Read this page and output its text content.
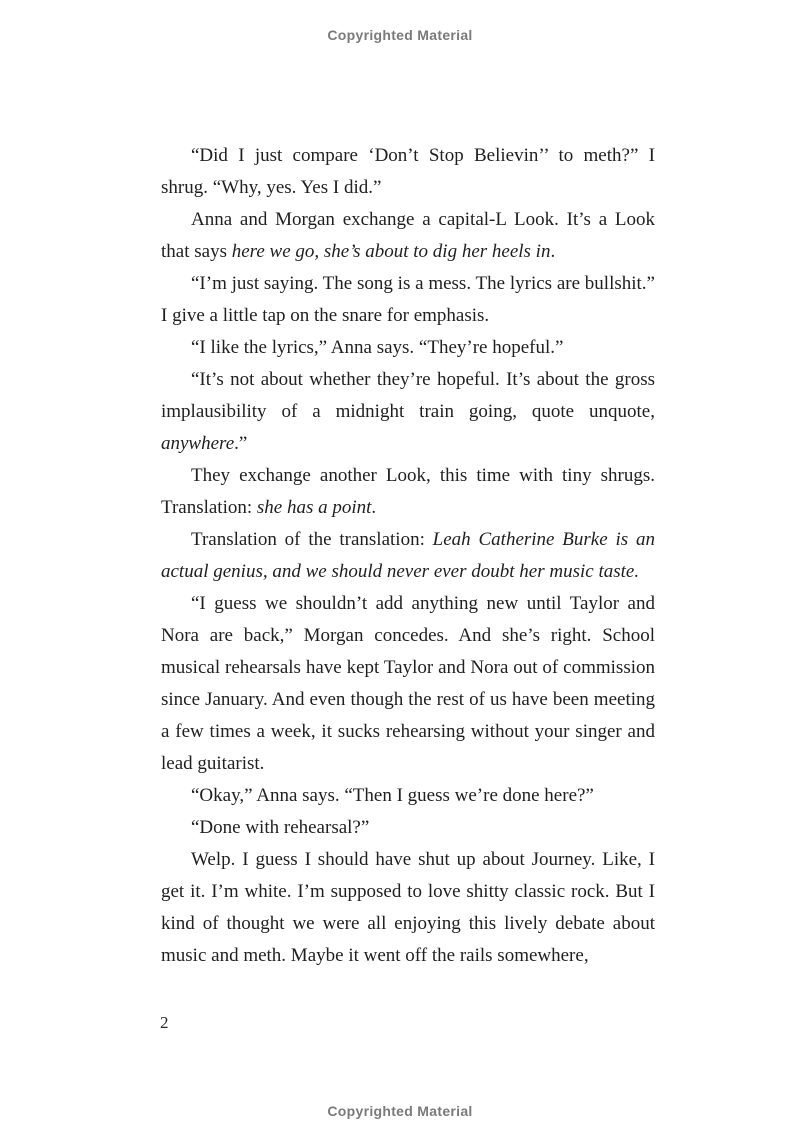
Copyrighted Material

“Did I just compare ‘Don’t Stop Believin’’ to meth?” I shrug. “Why, yes. Yes I did.”

Anna and Morgan exchange a capital-L Look. It’s a Look that says here we go, she’s about to dig her heels in.

“I’m just saying. The song is a mess. The lyrics are bullshit.” I give a little tap on the snare for emphasis.

“I like the lyrics,” Anna says. “They’re hopeful.”

“It’s not about whether they’re hopeful. It’s about the gross implausibility of a midnight train going, quote unquote, anywhere.”

They exchange another Look, this time with tiny shrugs. Translation: she has a point.

Translation of the translation: Leah Catherine Burke is an actual genius, and we should never ever doubt her music taste.

“I guess we shouldn’t add anything new until Taylor and Nora are back,” Morgan concedes. And she’s right. School musical rehearsals have kept Taylor and Nora out of commission since January. And even though the rest of us have been meeting a few times a week, it sucks rehearsing without your singer and lead guitarist.

“Okay,” Anna says. “Then I guess we’re done here?”

“Done with rehearsal?”

Welp. I guess I should have shut up about Journey. Like, I get it. I’m white. I’m supposed to love shitty classic rock. But I kind of thought we were all enjoying this lively debate about music and meth. Maybe it went off the rails somewhere,

2
Copyrighted Material
